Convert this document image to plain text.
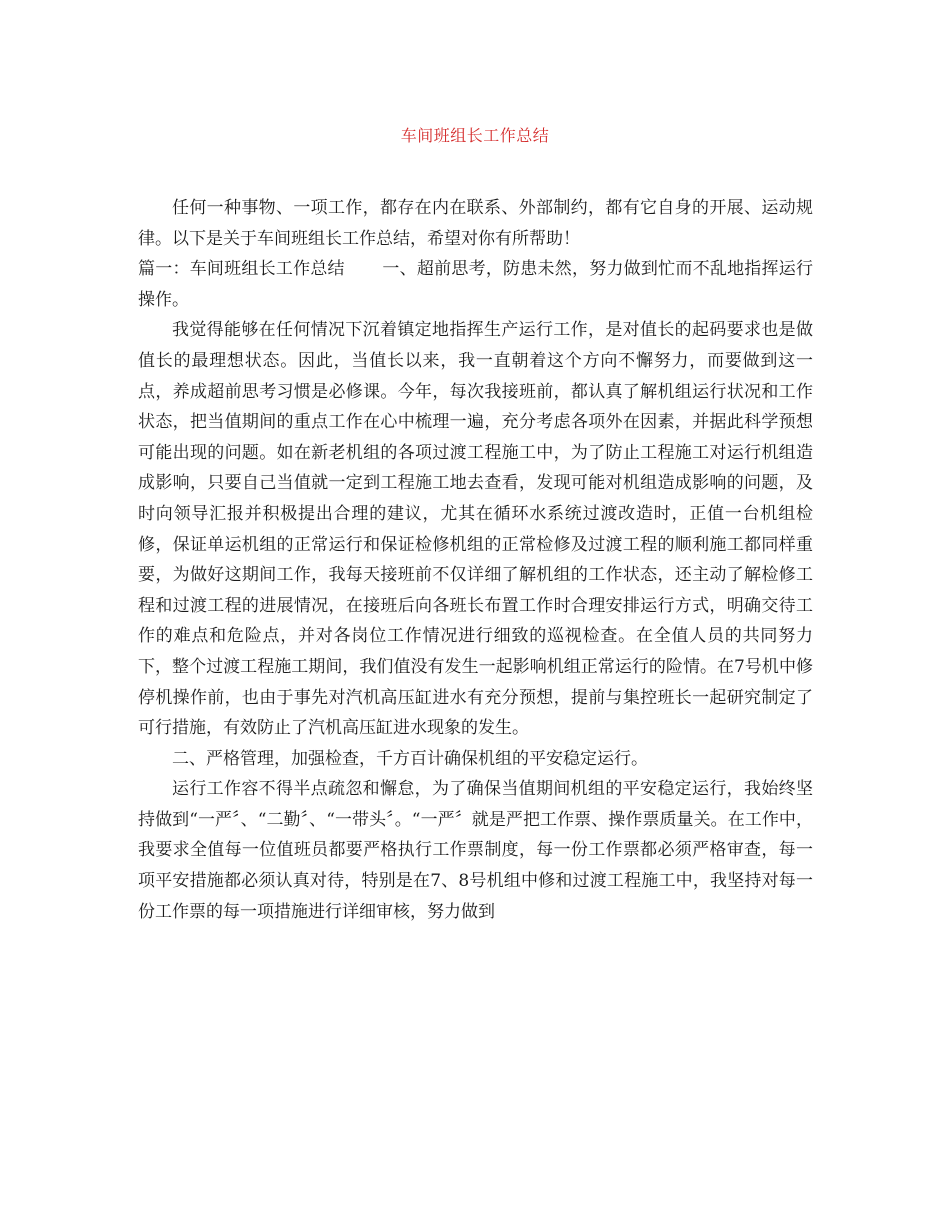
车间班组长工作总结

任何一种事物、一项工作，都存在内在联系、外部制约，都有它自身的开展、运动规律。以下是关于车间班组长工作总结，希望对你有所帮助！

篇一：车间班组长工作总结 一、超前思考，防患未然，努力做到忙而不乱地指挥运行操作。

我觉得能够在任何情况下沉着镇定地指挥生产运行工作，是对值长的起码要求也是做值长的最理想状态。因此，当值长以来，我一直朝着这个方向不懈努力，而要做到这一点，养成超前思考习惯是必修课。今年，每次我接班前，都认真了解机组运行状况和工作状态，把当值期间的重点工作在心中梳理一遍，充分考虑各项外在因素，并据此科学预想可能出现的问题。如在新老机组的各项过渡工程施工中，为了防止工程施工对运行机组造成影响，只要自己当值就一定到工程施工地去查看，发现可能对机组造成影响的问题，及时向领导汇报并积极提出合理的建议，尤其在循环水系统过渡改造时，正值一台机组检修，保证单运机组的正常运行和保证检修机组的正常检修及过渡工程的顺利施工都同样重要，为做好这期间工作，我每天接班前不仅详细了解机组的工作状态，还主动了解检修工程和过渡工程的进展情况，在接班后向各班长布置工作时合理安排运行方式，明确交待工作的难点和危险点，并对各岗位工作情况进行细致的巡视检查。在全值人员的共同努力下，整个过渡工程施工期间，我们值没有发生一起影响机组正常运行的险情。在7号机中修停机操作前，也由于事先对汽机高压缸进水有充分预想，提前与集控班长一起研究制定了可行措施，有效防止了汽机高压缸进水现象的发生。

二、严格管理，加强检查，千方百计确保机组的平安稳定运行。

运行工作容不得半点疏忽和懈怠，为了确保当值期间机组的平安稳定运行，我始终坚持做到“一严〞、“二勤〞、“一带头〞。“一严〞就是严把工作票、操作票质量关。在工作中，我要求全值每一位值班员都要严格执行工作票制度，每一份工作票都必须严格审查，每一项平安措施都必须认真对待，特别是在7、8号机组中修和过渡工程施工中，我坚持对每一份工作票的每一项措施进行详细审核，努力做到
